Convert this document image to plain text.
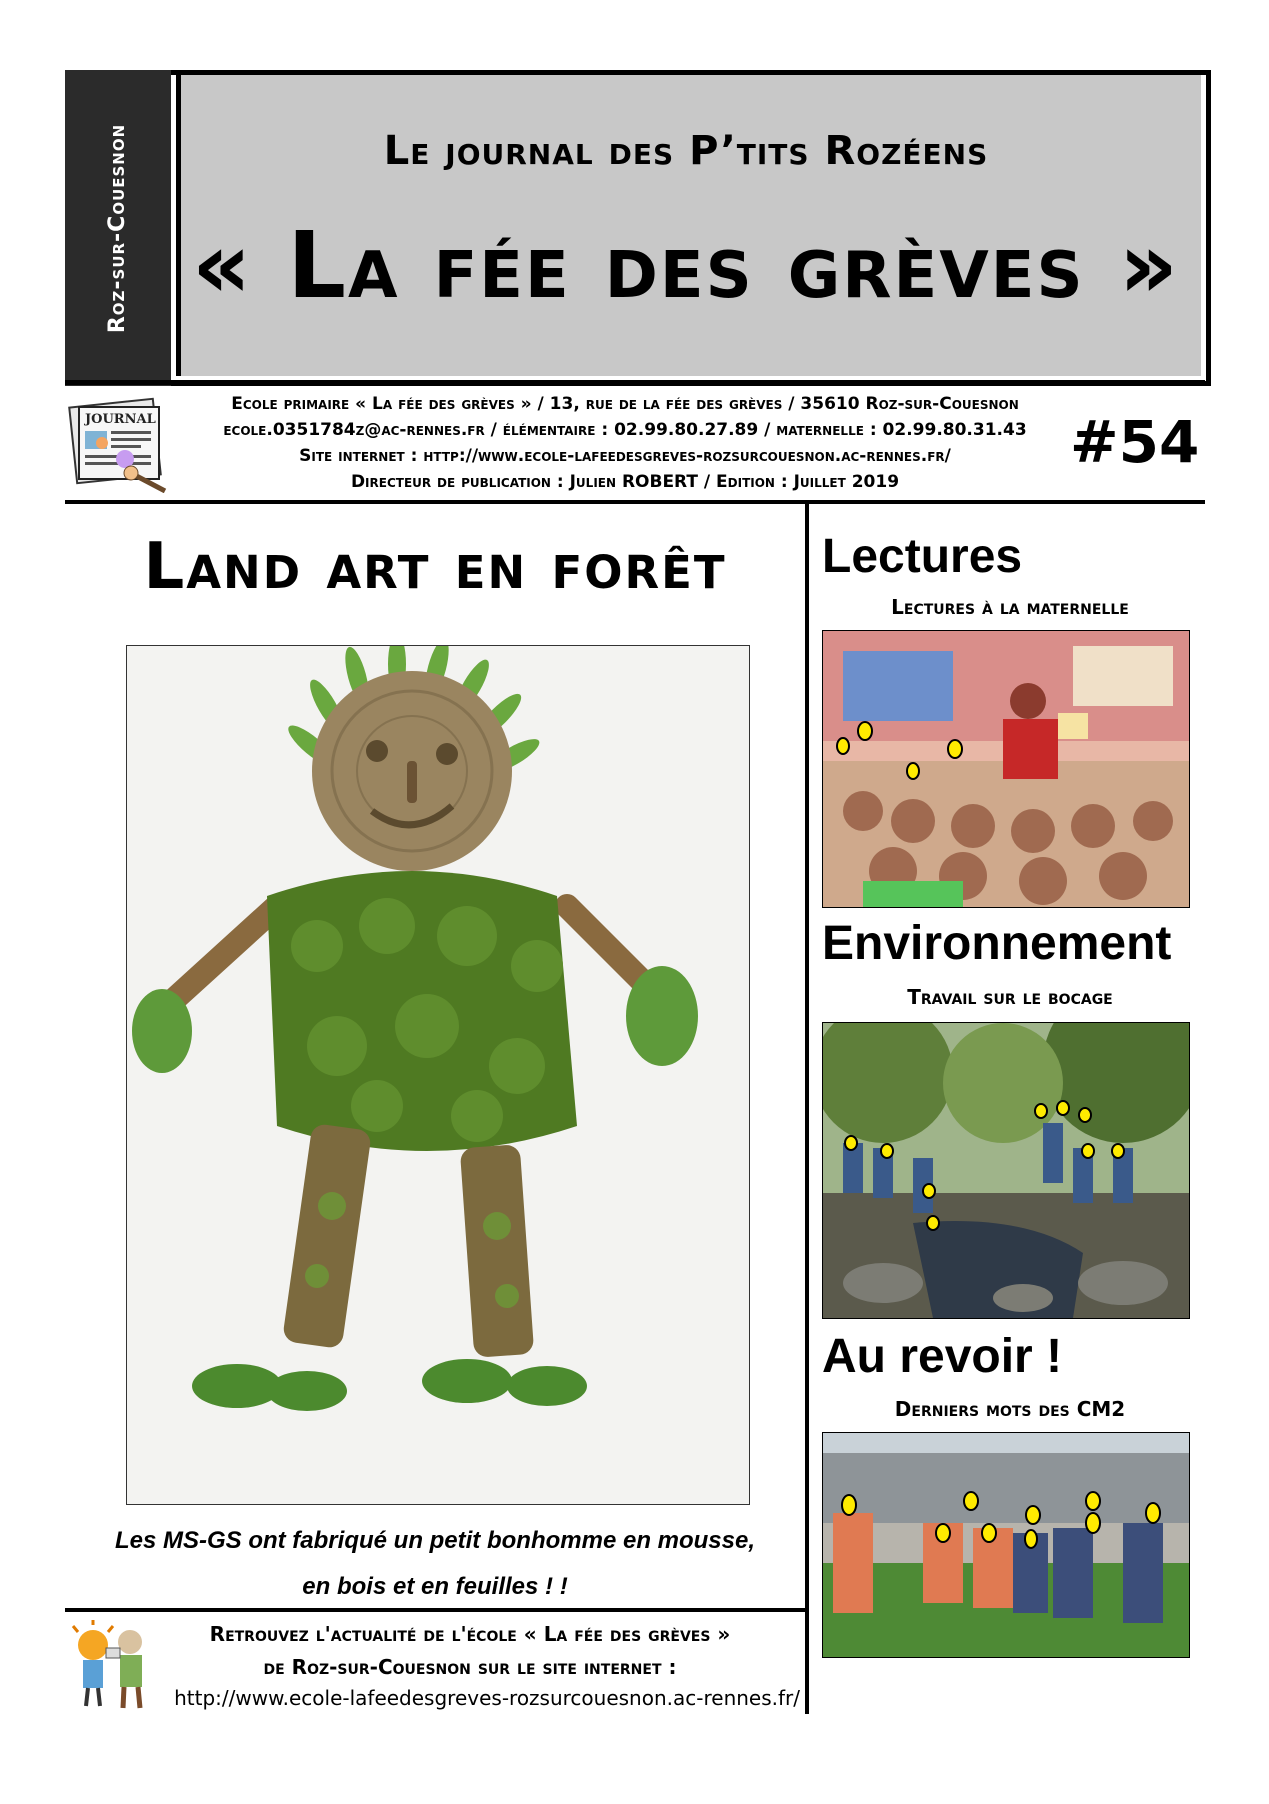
Roz-sur-Couesnon	Le journal des P’tits Rozéens
« La fée des grèves »
JOURNAL
Ecole primaire « La fée des grèves » / 13, rue de la fée des grèves / 35610 Roz-sur-Couesnon
ecole.0351784z@ac-rennes.fr / élémentaire : 02.99.80.27.89 / maternelle : 02.99.80.31.43
Site internet : http://www.ecole-lafeedesgreves-rozsurcouesnon.ac-rennes.fr/
Directeur de publication : Julien ROBERT / Edition : Juillet 2019
#54
Land art en forêt
Les MS-GS ont fabriqué un petit bonhomme en mousse,
en bois et en feuilles ! !
Retrouvez l'actualité de l'école « La fée des grèves »
de Roz-sur-Couesnon sur le site internet :
http://www.ecole-lafeedesgreves-rozsurcouesnon.ac-rennes.fr/
Lectures
Lectures à la maternelle
Environnement
Travail sur le bocage
Au revoir !
Derniers mots des CM2
